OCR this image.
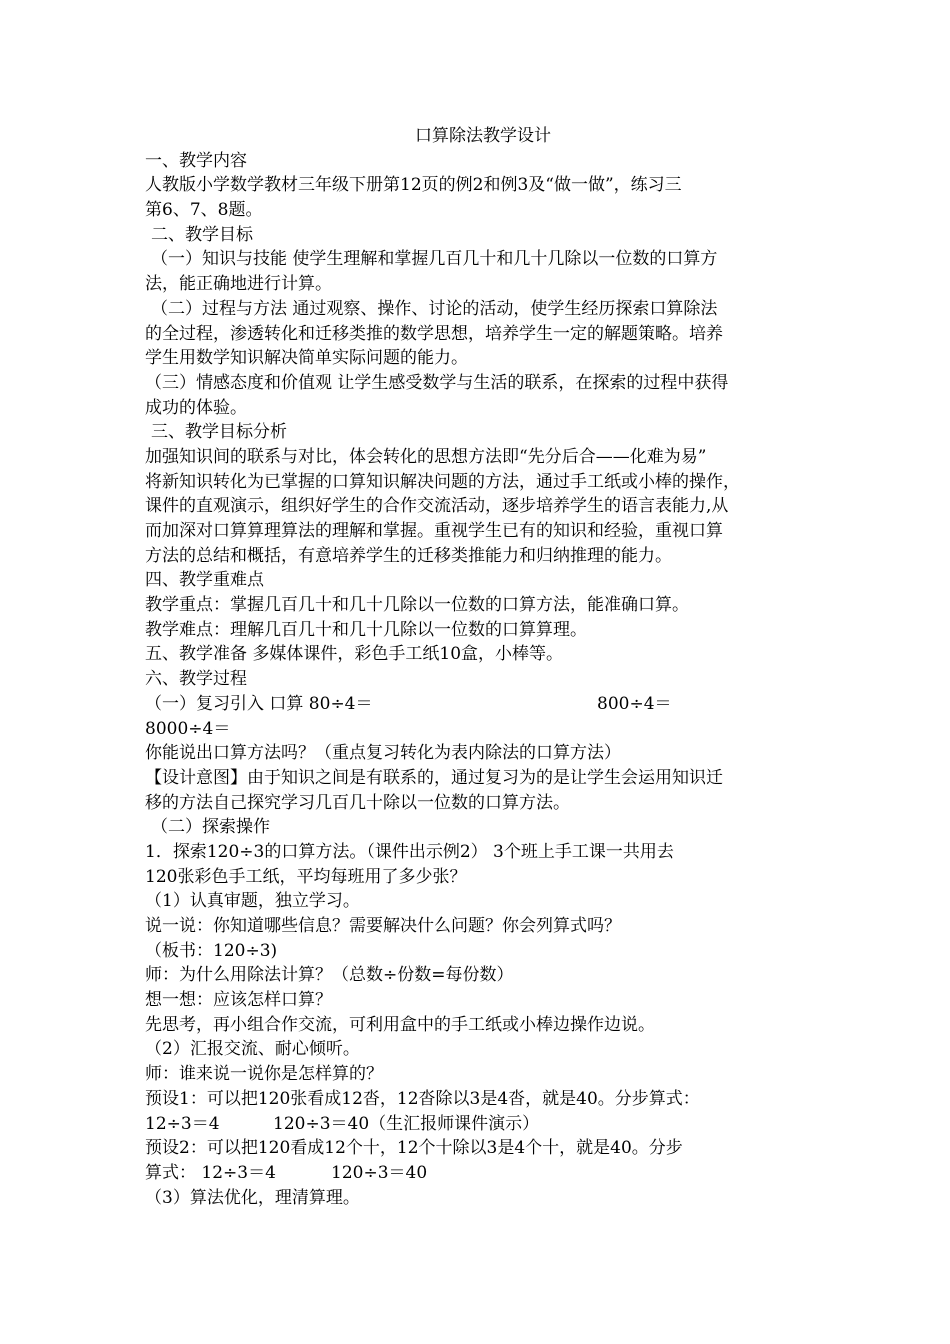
口算除法教学设计
一、教学内容
人教版小学数学教材三年级下册第12页的例2和例3及“做一做”，练习三
第6、7、8题。
二、教学目标
（一）知识与技能 使学生理解和掌握几百几十和几十几除以一位数的口算方
法，能正确地进行计算。
（二）过程与方法 通过观察、操作、讨论的活动，使学生经历探索口算除法
的全过程，渗透转化和迁移类推的数学思想，培养学生一定的解题策略。培养
学生用数学知识解决简单实际问题的能力。
（三）情感态度和价值观 让学生感受数学与生活的联系，在探索的过程中获得
成功的体验。
三、教学目标分析
加强知识间的联系与对比，体会转化的思想方法即“先分后合——化难为易”
将新知识转化为已掌握的口算知识解决问题的方法，通过手工纸或小棒的操作，
课件的直观演示，组织好学生的合作交流活动，逐步培养学生的语言表能力,从
而加深对口算算理算法的理解和掌握。重视学生已有的知识和经验，重视口算
方法的总结和概括，有意培养学生的迁移类推能力和归纳推理的能力。
四、教学重难点
教学重点：掌握几百几十和几十几除以一位数的口算方法，能准确口算。
教学难点：理解几百几十和几十几除以一位数的口算算理。
五、教学准备 多媒体课件，彩色手工纸10盒，小棒等。
六、教学过程
（一）复习引入 口算 80÷4＝	800÷4＝
8000÷4＝
你能说出口算方法吗？（重点复习转化为表内除法的口算方法）
【设计意图】由于知识之间是有联系的，通过复习为的是让学生会运用知识迁
移的方法自己探究学习几百几十除以一位数的口算方法。
（二）探索操作
1．探索120÷3的口算方法。（课件出示例2） 3个班上手工课一共用去
120张彩色手工纸，平均每班用了多少张？
（1）认真审题，独立学习。
说一说：你知道哪些信息？需要解决什么问题？你会列算式吗？
（板书：120÷3)
师：为什么用除法计算？（总数÷份数=每份数）
想一想：应该怎样口算？
先思考，再小组合作交流，可利用盒中的手工纸或小棒边操作边说。
（2）汇报交流、耐心倾听。
师：谁来说一说你是怎样算的？
预设1：可以把120张看成12沓，12沓除以3是4沓，就是40。分步算式：
12÷3＝4	120÷3＝40（生汇报师课件演示）
预设2：可以把120看成12个十，12个十除以3是4个十，就是40。分步
算式： 12÷3＝4	120÷3＝40
（3）算法优化，理清算理。
